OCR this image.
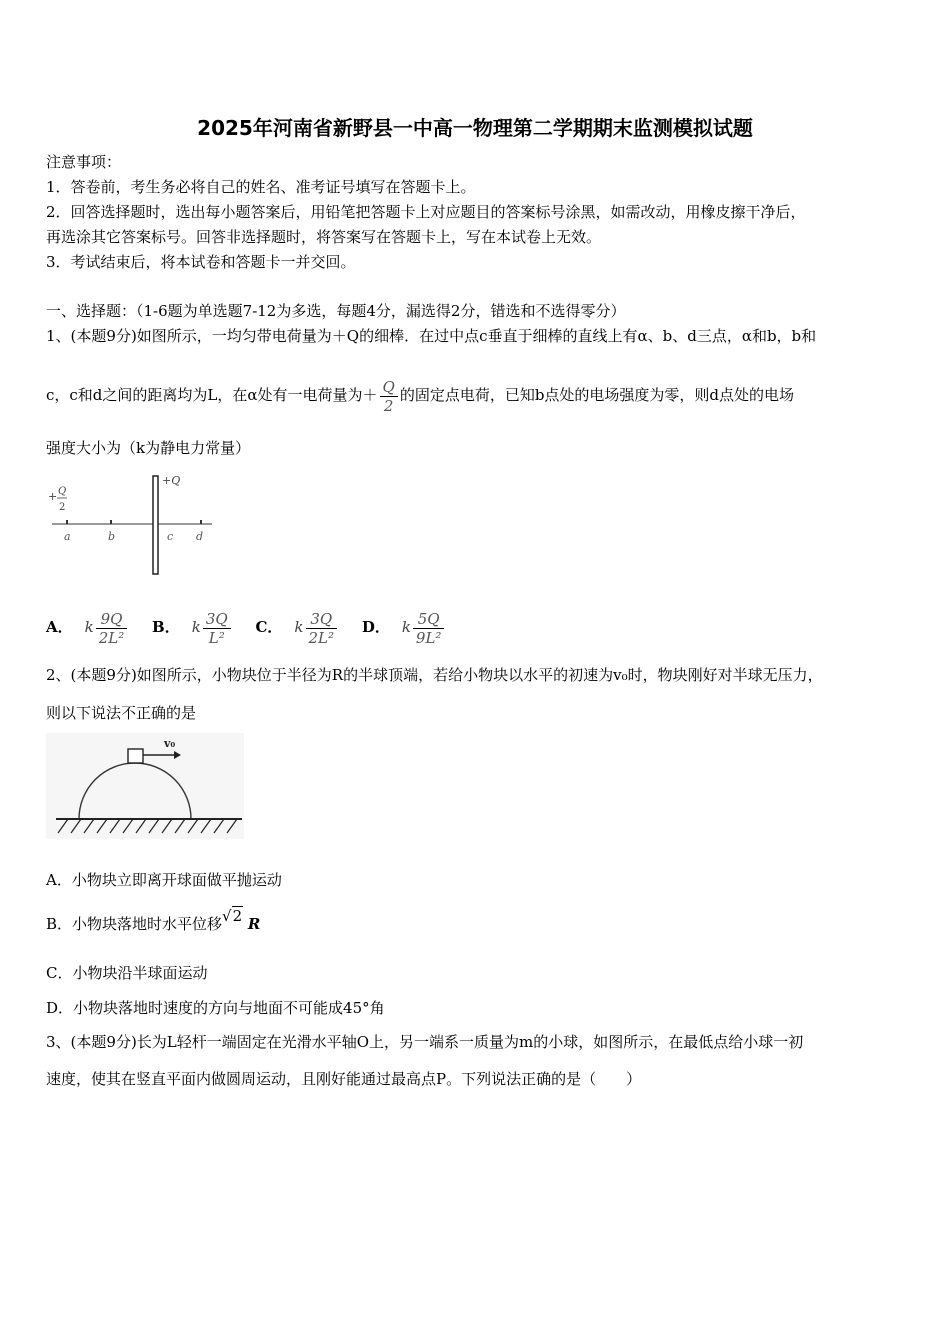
2025年河南省新野县一中高一物理第二学期期末监测模拟试题
注意事项：
1．答卷前，考生务必将自己的姓名、准考证号填写在答题卡上。
2．回答选择题时，选出每小题答案后，用铅笔把答题卡上对应题目的答案标号涂黑，如需改动，用橡皮擦干净后，
再选涂其它答案标号。回答非选择题时，将答案写在答题卡上，写在本试卷上无效。
3．考试结束后，将本试卷和答题卡一并交回。
一、选择题：（1-6题为单选题7-12为多选，每题4分，漏选得2分，错选和不选得零分）
1、(本题9分)如图所示，一均匀带电荷量为＋Q的细棒．在过中点c垂直于细棒的直线上有α、b、d三点，α和b，b和
c，c和d之间的距离均为L，在α处有一电荷量为＋ $\frac{Q}{2}$ 的固定点电荷，已知b点处的电场强度为零，则d点处的电场
强度大小为（k为静电力常量）
+Q
+ Q
2
a	b	c d
A． k $\frac{9Q}{\text{2L²}}$ B． k $\frac{3Q}{\text{L²}}$ C． k $\frac{3Q}{\text{2L²}}$ D． k $\frac{5Q}{\text{9L²}}$
2、(本题9分)如图所示，小物块位于半径为R的半球顶端，若给小物块以水平的初速为v₀时，物块刚好对半球无压力，
则以下说法不正确的是
v₀
A．小物块立即离开球面做平抛运动
B．小物块落地时水平位移√2 R
C．小物块沿半球面运动
D．小物块落地时速度的方向与地面不可能成45°角
3、(本题9分)长为L轻杆一端固定在光滑水平轴O上，另一端系一质量为m的小球，如图所示，在最低点给小球一初
速度，使其在竖直平面内做圆周运动，且刚好能通过最高点P。下列说法正确的是（　　）
